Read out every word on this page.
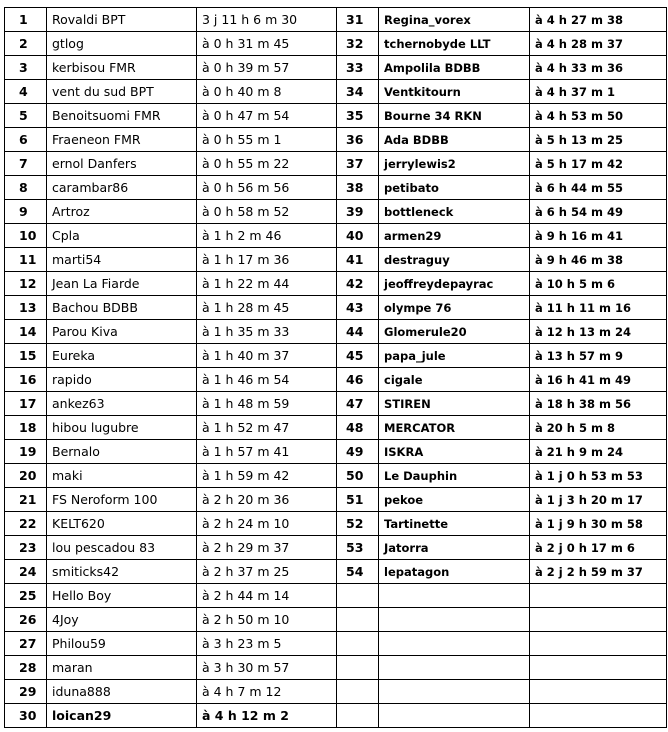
1	Rovaldi BPT	3 j 11 h 6 m 30	31	Regina_vorex	à 4 h 27 m 38
2	gtlog	à 0 h 31 m 45	32	tchernobyde LLT	à 4 h 28 m 37
3	kerbisou FMR	à 0 h 39 m 57	33	Ampolila BDBB	à 4 h 33 m 36
4	vent du sud BPT	à 0 h 40 m 8	34	Ventkitourn	à 4 h 37 m 1
5	Benoitsuomi FMR	à 0 h 47 m 54	35	Bourne 34 RKN	à 4 h 53 m 50
6	Fraeneon FMR	à 0 h 55 m 1	36	Ada BDBB	à 5 h 13 m 25
7	ernol Danfers	à 0 h 55 m 22	37	jerrylewis2	à 5 h 17 m 42
8	carambar86	à 0 h 56 m 56	38	petibato	à 6 h 44 m 55
9	Artroz	à 0 h 58 m 52	39	bottleneck	à 6 h 54 m 49
10	Cpla	à 1 h 2 m 46	40	armen29	à 9 h 16 m 41
11	marti54	à 1 h 17 m 36	41	destraguy	à 9 h 46 m 38
12	Jean La Fiarde	à 1 h 22 m 44	42	jeoffreydepayrac	à 10 h 5 m 6
13	Bachou BDBB	à 1 h 28 m 45	43	olympe 76	à 11 h 11 m 16
14	Parou Kiva	à 1 h 35 m 33	44	Glomerule20	à 12 h 13 m 24
15	Eureka	à 1 h 40 m 37	45	papa_jule	à 13 h 57 m 9
16	rapido	à 1 h 46 m 54	46	cigale	à 16 h 41 m 49
17	ankez63	à 1 h 48 m 59	47	STIREN	à 18 h 38 m 56
18	hibou lugubre	à 1 h 52 m 47	48	MERCATOR	à 20 h 5 m 8
19	Bernalo	à 1 h 57 m 41	49	ISKRA	à 21 h 9 m 24
20	maki	à 1 h 59 m 42	50	Le Dauphin	à 1 j 0 h 53 m 53
21	FS Neroform 100	à 2 h 20 m 36	51	pekoe	à 1 j 3 h 20 m 17
22	KELT620	à 2 h 24 m 10	52	Tartinette	à 1 j 9 h 30 m 58
23	lou pescadou 83	à 2 h 29 m 37	53	Jatorra	à 2 j 0 h 17 m 6
24	smiticks42	à 2 h 37 m 25	54	lepatagon	à 2 j 2 h 59 m 37
25	Hello Boy	à 2 h 44 m 14			
26	4Joy	à 2 h 50 m 10			
27	Philou59	à 3 h 23 m 5			
28	maran	à 3 h 30 m 57			
29	iduna888	à 4 h 7 m 12			
30	loican29	à 4 h 12 m 2			
